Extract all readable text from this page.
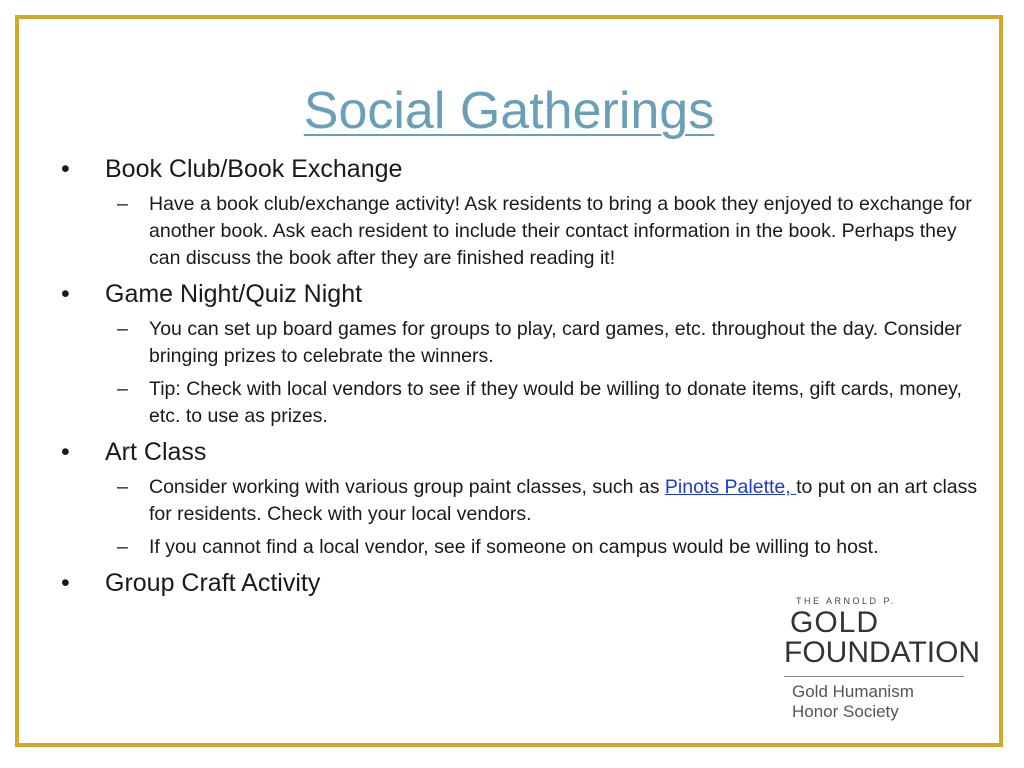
Social Gatherings
•	Book Club/Book Exchange
– Have a book club/exchange activity! Ask residents to bring a book they enjoyed to exchange for another book. Ask each resident to include their contact information in the book. Perhaps they can discuss the book after they are finished reading it!
•	Game Night/Quiz Night
– You can set up board games for groups to play, card games, etc. throughout the day. Consider bringing prizes to celebrate the winners.
– Tip: Check with local vendors to see if they would be willing to donate items, gift cards, money, etc. to use as prizes.
•	Art Class
– Consider working with various group paint classes, such as Pinots Palette, to put on an art class for residents. Check with your local vendors.
– If you cannot find a local vendor, see if someone on campus would be willing to host.
•	Group Craft Activity
THE ARNOLD P.
GOLD
FOUNDATION
Gold Humanism
Honor Society
